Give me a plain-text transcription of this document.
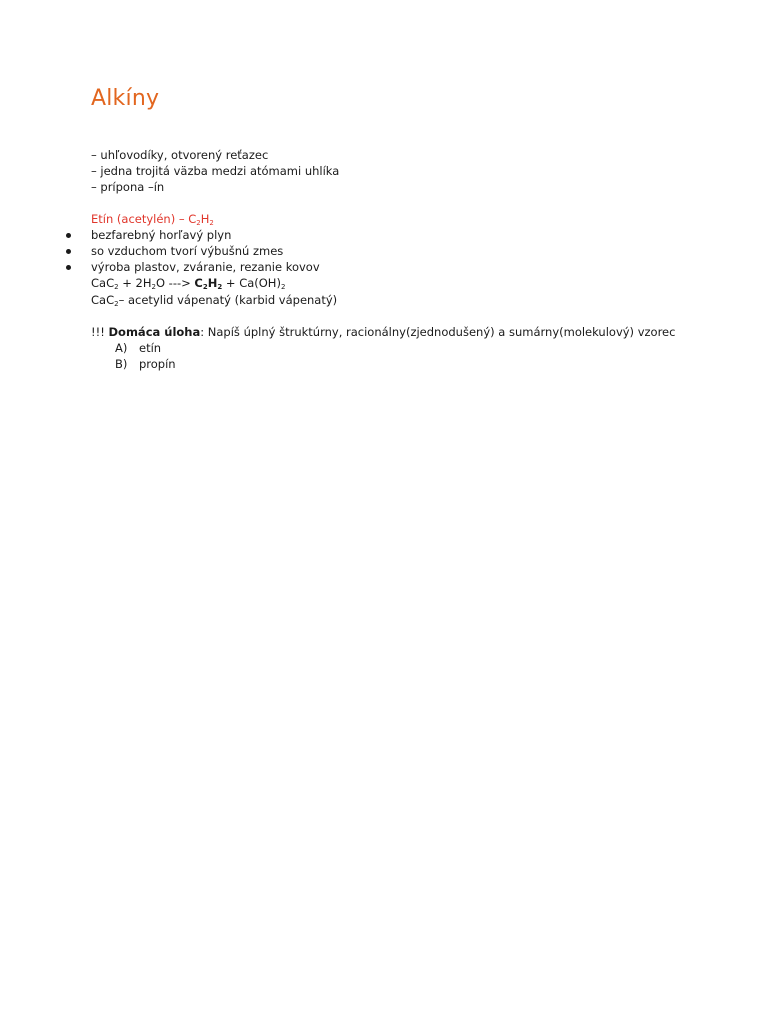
Alkíny
– uhľovodíky, otvorený reťazec
– jedna trojitá väzba medzi atómami uhlíka
– prípona –ín
Etín (acetylén) – $C_2H_2$
bezfarebný horľavý plyn
so vzduchom tvorí výbušnú zmes
výroba plastov, zváranie, rezanie kovov
$CaC_2 + 2H_2O$ ---> $C_2H_2 + Ca(OH)_2$
CaC$_2$– acetylid vápenatý (karbid vápenatý)
!!! Domáca úloha: Napíš úplný štruktúrny, racionálny(zjednodušený) a sumárny(molekulový) vzorec
A) etín
B) propín
